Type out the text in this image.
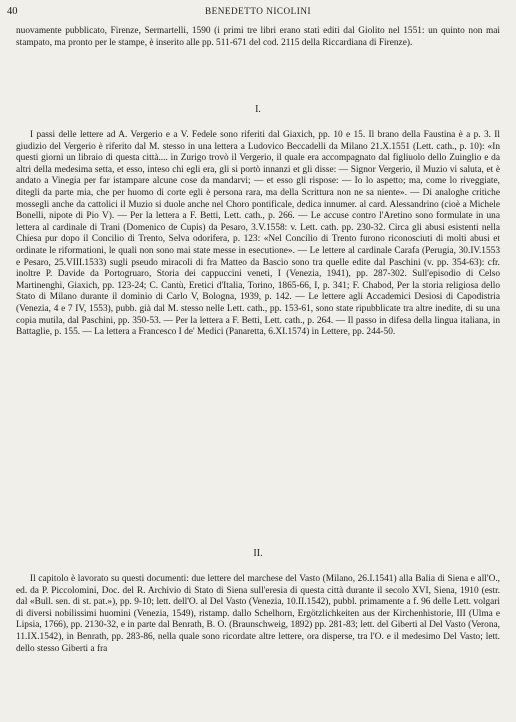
40	BENEDETTO NICOLINI

nuovamente pubblicato, Firenze, Sermartelli, 1590 (i primi tre libri erano stati editi dal Giolito nel 1551: un quinto non mai stampato, ma pronto per le stampe, è inserito alle pp. 511-671 del cod. 2115 della Riccardiana di Firenze).

I.

I passi delle lettere ad A. Vergerio e a V. Fedele sono riferiti dal Giaxich, pp. 10 e 15. Il brano della Faustina è a p. 3. Il giudizio del Vergerio è riferito dal M. stesso in una lettera a Ludovico Beccadelli da Milano 21.X.1551 (Lett. cath., p. 10): «In questi giorni un libraio di questa città.... in Zurigo trovò il Vergerio, il quale era accompagnato dal figliuolo dello Zuinglio e da altri della medesima setta, et esso, inteso chi egli era, gli si portò innanzi et gli disse: — Signor Vergerio, il Muzio vi saluta, et è andato a Vinegia per far istampare alcune cose da mandarvi; — et esso gli rispose: — Io lo aspetto; ma, come lo riveggiate, ditegli da parte mia, che per huomo di corte egli è persona rara, ma della Scrittura non ne sa niente». — Di analoghe critiche mossegli anche da cattolici il Muzio si duole anche nel Choro pontificale, dedica innumer. al card. Alessandrino (cioè a Michele Bonelli, nipote di Pio V). — Per la lettera a F. Betti, Lett. cath., p. 266. — Le accuse contro l'Aretino sono formulate in una lettera al cardinale di Trani (Domenico de Cupis) da Pesaro, 3.V.1558: v. Lett. cath. pp. 230-32. Circa gli abusi esistenti nella Chiesa pur dopo il Concilio di Trento, Selva odorifera, p. 123: «Nel Concilio di Trento furono riconosciuti di molti abusi et ordinate le riformationi, le quali non sono mai state messe in esecutione». — Le lettere al cardinale Carafa (Perugia, 30.IV.1553 e Pesaro, 25.VIII.1533) sugli pseudo miracoli di fra Matteo da Bascio sono tra quelle edite dal Paschini (v. pp. 354-63): cfr. inoltre P. Davide da Portogruaro, Storia dei cappuccini veneti, I (Venezia, 1941), pp. 287-302. Sull'episodio di Celso Martinenghi, Giaxich, pp. 123-24; C. Cantù, Eretici d'Italia, Torino, 1865-66, I, p. 341; F. Chabod, Per la storia religiosa dello Stato di Milano durante il dominio di Carlo V, Bologna, 1939, p. 142. — Le lettere agli Accademici Desiosi di Capodistria (Venezia, 4 e 7 IV, 1553), pubb. già dal M. stesso nelle Lett. cath., pp. 153-61, sono state ripubblicate tra altre inedite, di su una copia mutila, dal Paschini, pp. 350-53. — Per la lettera a F. Betti, Lett. cath., p. 264. — Il passo in difesa della lingua italiana, in Battaglie, p. 155. — La lettera a Francesco I de' Medici (Panaretta, 6.XI.1574) in Lettere, pp. 244-50.

II.

Il capitolo è lavorato su questi documenti: due lettere del marchese del Vasto (Milano, 26.I.1541) alla Balia di Siena e all'O., ed. da P. Piccolomini, Doc. del R. Archivio di Stato di Siena sull'eresia di questa città durante il secolo XVI, Siena, 1910 (estr. dal «Bull. sen. di st. pat.»), pp. 9-10; lett. dell'O. al Del Vasto (Venezia, 10.II.1542), pubbl. primamente a f. 96 delle Lett. volgari di diversi nobilissimi huomini (Venezia, 1549), ristamp. dallo Schelhorn, Ergötzlichkeiten aus der Kirchenhistorie, III (Ulma e Lipsia, 1766), pp. 2130-32, e in parte dal Benrath, B. O. (Braunschweig, 1892) pp. 281-83; lett. del Giberti al Del Vasto (Verona, 11.IX.1542), in Benrath, pp. 283-86, nella quale sono ricordate altre lettere, ora disperse, tra l'O. e il medesimo Del Vasto; lett. dello stesso Giberti a fra
